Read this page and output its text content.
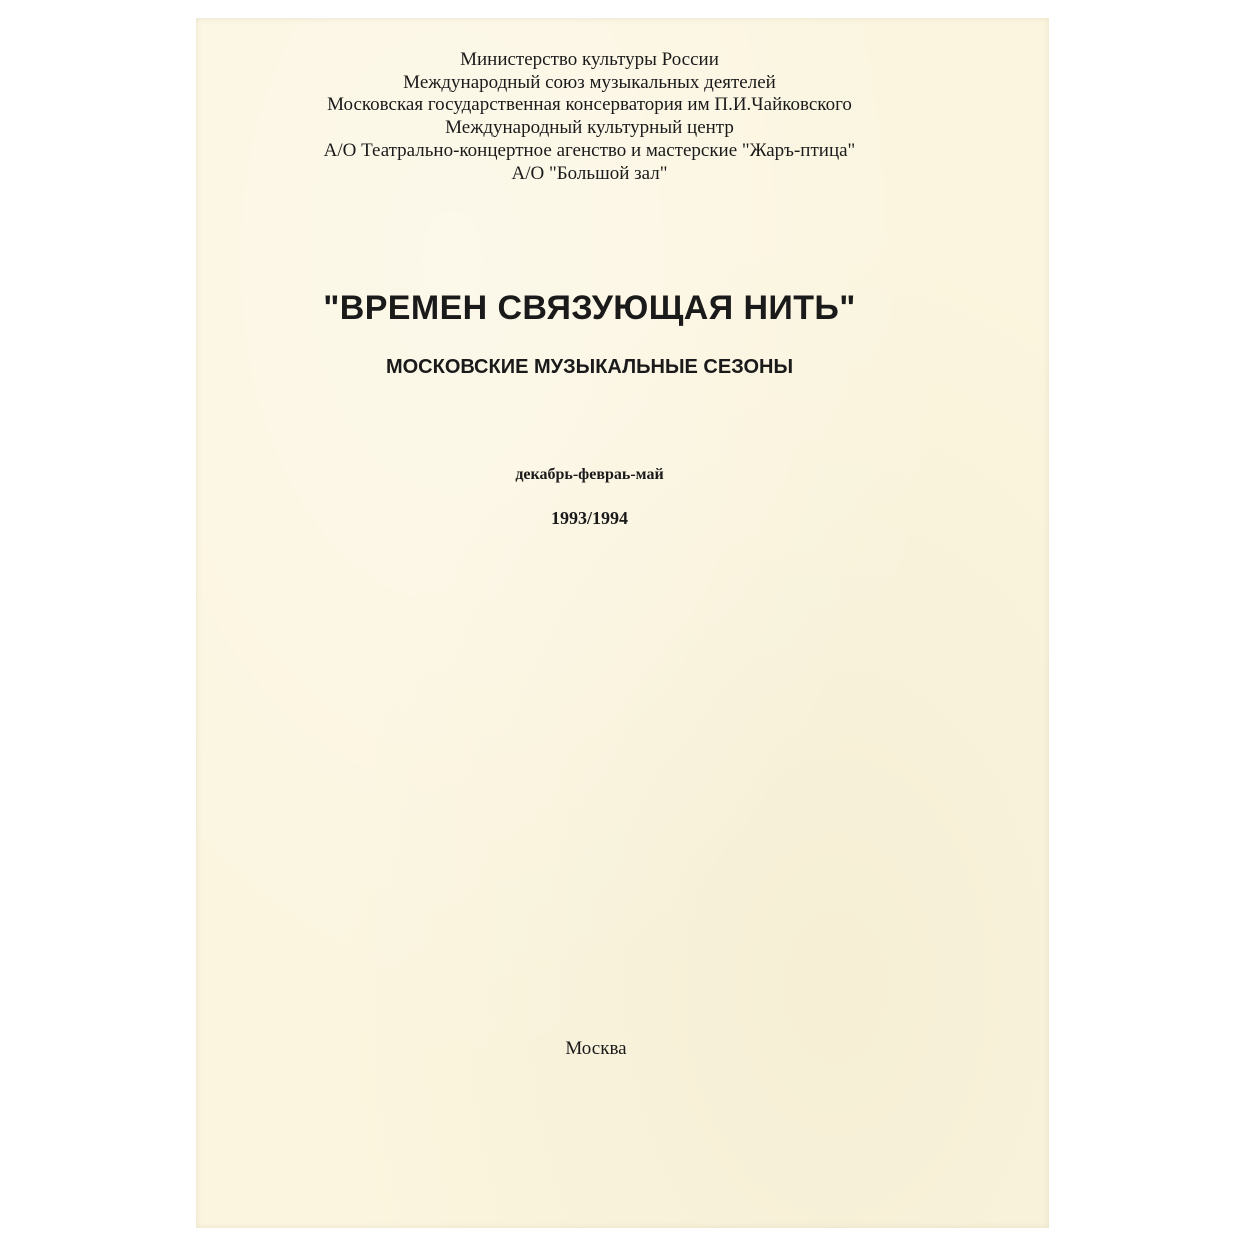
Министерство культуры России
Международный союз музыкальных деятелей
Московская государственная консерватория им П.И.Чайковского
Международный культурный центр
А/О Театрально-концертное агенство и мастерские "Жаръ-птица"
А/О "Большой зал"
"ВРЕМЕН СВЯЗУЮЩАЯ НИТЬ"
МОСКОВСКИЕ МУЗЫКАЛЬНЫЕ СЕЗОНЫ
декабрь-февраь-май
1993/1994
Москва
